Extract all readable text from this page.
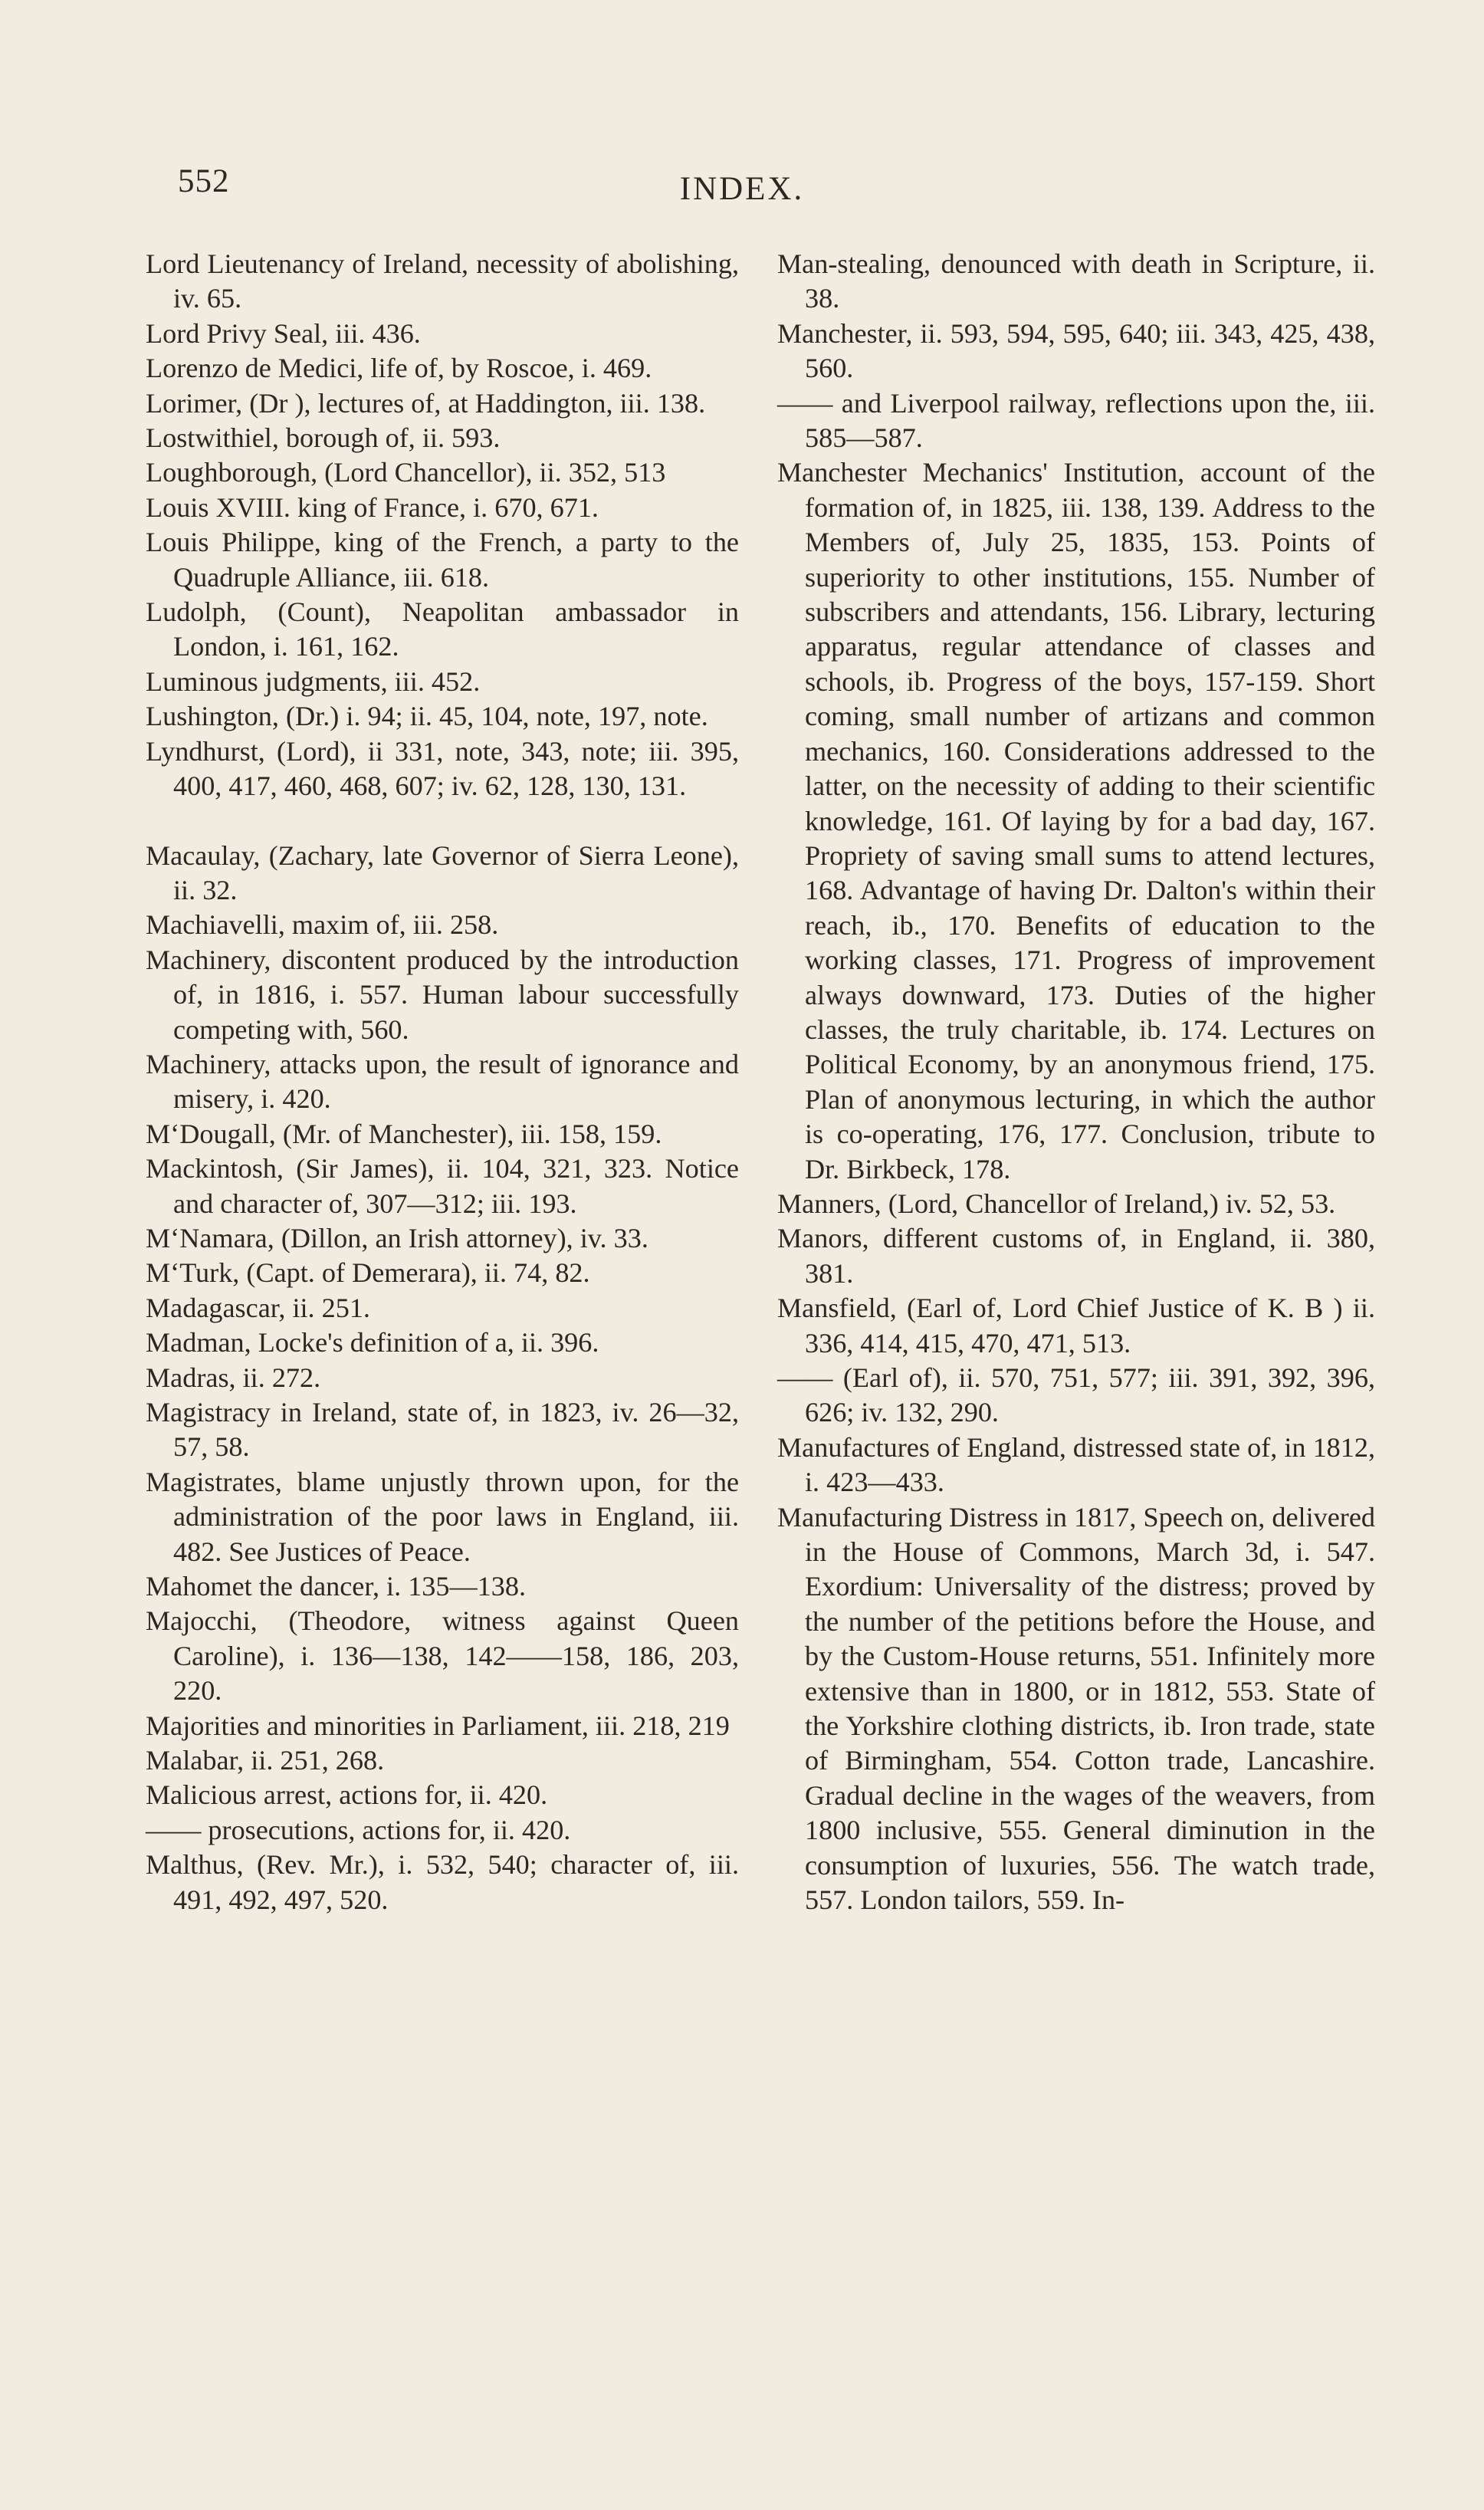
552	INDEX.

Lord Lieutenancy of Ireland, necessity of abolishing, iv. 65.

Lord Privy Seal, iii. 436.

Lorenzo de Medici, life of, by Roscoe, i. 469.

Lorimer, (Dr ), lectures of, at Haddington, iii. 138.

Lostwithiel, borough of, ii. 593.

Loughborough, (Lord Chancellor), ii. 352, 513

Louis XVIII. king of France, i. 670, 671.

Louis Philippe, king of the French, a party to the Quadruple Alliance, iii. 618.

Ludolph, (Count), Neapolitan ambassador in London, i. 161, 162.

Luminous judgments, iii. 452.

Lushington, (Dr.) i. 94; ii. 45, 104, note, 197, note.

Lyndhurst, (Lord), ii 331, note, 343, note; iii. 395, 400, 417, 460, 468, 607; iv. 62, 128, 130, 131.

Macaulay, (Zachary, late Governor of Sierra Leone), ii. 32.

Machiavelli, maxim of, iii. 258.

Machinery, discontent produced by the introduction of, in 1816, i. 557. Human labour successfully competing with, 560.

Machinery, attacks upon, the result of ignorance and misery, i. 420.

M‘Dougall, (Mr. of Manchester), iii. 158, 159.

Mackintosh, (Sir James), ii. 104, 321, 323. Notice and character of, 307—312; iii. 193.

M‘Namara, (Dillon, an Irish attorney), iv. 33.

M‘Turk, (Capt. of Demerara), ii. 74, 82.

Madagascar, ii. 251.

Madman, Locke's definition of a, ii. 396.

Madras, ii. 272.

Magistracy in Ireland, state of, in 1823, iv. 26—32, 57, 58.

Magistrates, blame unjustly thrown upon, for the administration of the poor laws in England, iii. 482. See Justices of Peace.

Mahomet the dancer, i. 135—138.

Majocchi, (Theodore, witness against Queen Caroline), i. 136—138, 142——158, 186, 203, 220.

Majorities and minorities in Parliament, iii. 218, 219

Malabar, ii. 251, 268.

Malicious arrest, actions for, ii. 420.

—— prosecutions, actions for, ii. 420.

Malthus, (Rev. Mr.), i. 532, 540; character of, iii. 491, 492, 497, 520.

Man-stealing, denounced with death in Scripture, ii. 38.

Manchester, ii. 593, 594, 595, 640; iii. 343, 425, 438, 560.

—— and Liverpool railway, reflections upon the, iii. 585—587.

Manchester Mechanics' Institution, account of the formation of, in 1825, iii. 138, 139. Address to the Members of, July 25, 1835, 153. Points of superiority to other institutions, 155. Number of subscribers and attendants, 156. Library, lecturing apparatus, regular attendance of classes and schools, ib. Progress of the boys, 157-159. Short coming, small number of artizans and common mechanics, 160. Considerations addressed to the latter, on the necessity of adding to their scientific knowledge, 161. Of laying by for a bad day, 167. Propriety of saving small sums to attend lectures, 168. Advantage of having Dr. Dalton's within their reach, ib., 170. Benefits of education to the working classes, 171. Progress of improvement always downward, 173. Duties of the higher classes, the truly charitable, ib. 174. Lectures on Political Economy, by an anonymous friend, 175. Plan of anonymous lecturing, in which the author is co-operating, 176, 177. Conclusion, tribute to Dr. Birkbeck, 178.

Manners, (Lord, Chancellor of Ireland,) iv. 52, 53.

Manors, different customs of, in England, ii. 380, 381.

Mansfield, (Earl of, Lord Chief Justice of K. B ) ii. 336, 414, 415, 470, 471, 513.

—— (Earl of), ii. 570, 751, 577; iii. 391, 392, 396, 626; iv. 132, 290.

Manufactures of England, distressed state of, in 1812, i. 423—433.

Manufacturing Distress in 1817, Speech on, delivered in the House of Commons, March 3d, i. 547. Exordium: Universality of the distress; proved by the number of the petitions before the House, and by the Custom-House returns, 551. Infinitely more extensive than in 1800, or in 1812, 553. State of the Yorkshire clothing districts, ib. Iron trade, state of Birmingham, 554. Cotton trade, Lancashire. Gradual decline in the wages of the weavers, from 1800 inclusive, 555. General diminution in the consumption of luxuries, 556. The watch trade, 557. London tailors, 559. In-
